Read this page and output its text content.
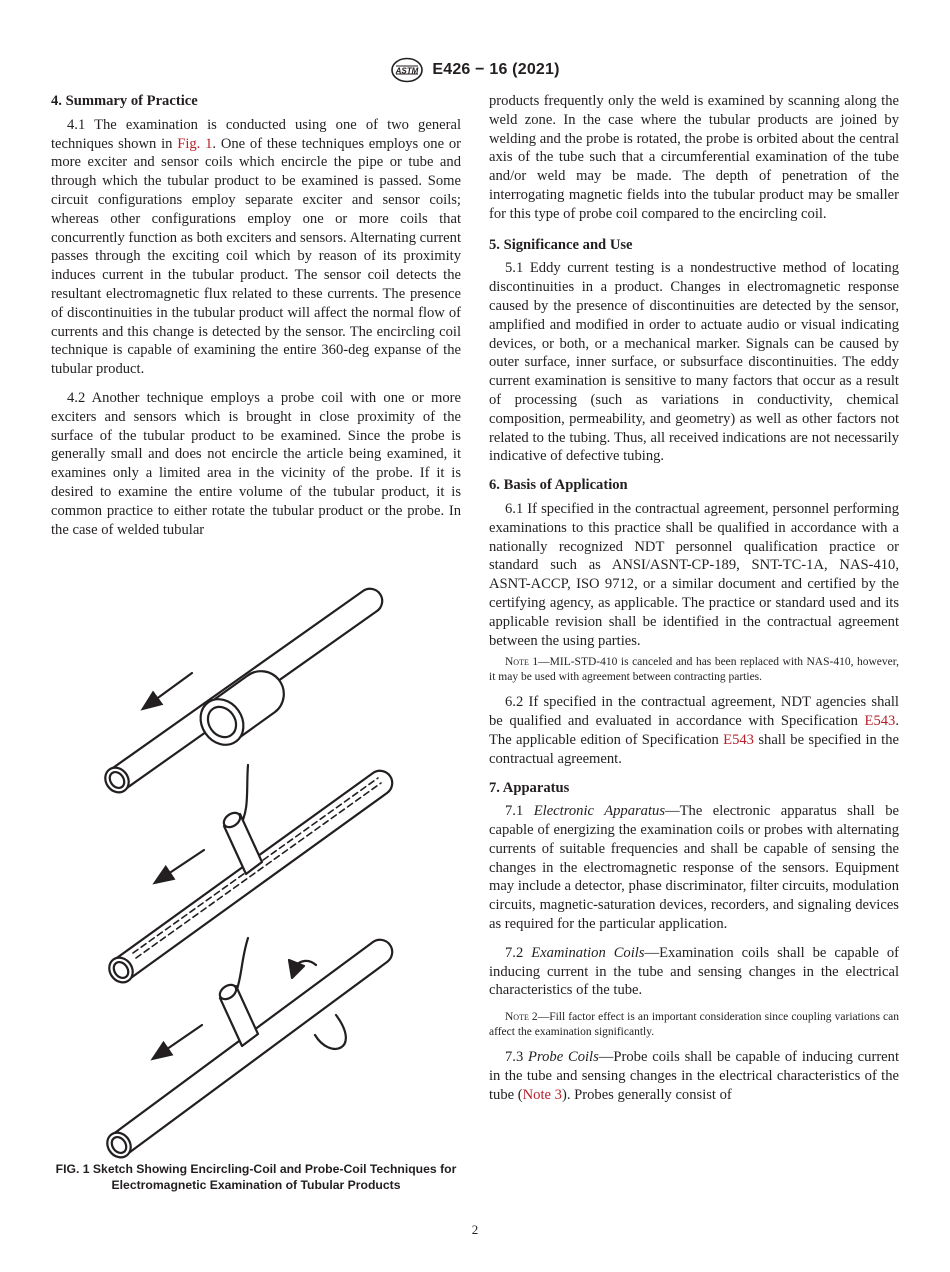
ASTM E426 − 16 (2021)
4. Summary of Practice

4.1 The examination is conducted using one of two general techniques shown in Fig. 1. One of these techniques employs one or more exciter and sensor coils which encircle the pipe or tube and through which the tubular product to be examined is passed. Some circuit configurations employ separate exciter and sensor coils; whereas other configurations employ one or more coils that concurrently function as both exciters and sensors. Alternating current passes through the exciting coil which by reason of its proximity induces current in the tubular product. The sensor coil detects the resultant electromagnetic flux related to these currents. The presence of discontinuities in the tubular product will affect the normal flow of currents and this change is detected by the sensor. The encircling coil technique is capable of examining the entire 360-deg expanse of the tubular product.

4.2 Another technique employs a probe coil with one or more exciters and sensors which is brought in close proximity of the surface of the tubular product to be examined. Since the probe is generally small and does not encircle the article being examined, it examines only a limited area in the vicinity of the probe. If it is desired to examine the entire volume of the tubular product, it is common practice to either rotate the tubular product or the probe. In the case of welded tubular

FIG. 1 Sketch Showing Encircling-Coil and Probe-Coil Techniques for Electromagnetic Examination of Tubular Products

products frequently only the weld is examined by scanning along the weld zone. In the case where the tubular products are joined by welding and the probe is rotated, the probe is orbited about the central axis of the tube such that a circumferential examination of the tube and/or weld may be made. The depth of penetration of the interrogating magnetic fields into the tubular product may be smaller for this type of probe coil compared to the encircling coil.

5. Significance and Use

5.1 Eddy current testing is a nondestructive method of locating discontinuities in a product. Changes in electromagnetic response caused by the presence of discontinuities are detected by the sensor, amplified and modified in order to actuate audio or visual indicating devices, or both, or a mechanical marker. Signals can be caused by outer surface, inner surface, or subsurface discontinuities. The eddy current examination is sensitive to many factors that occur as a result of processing (such as variations in conductivity, chemical composition, permeability, and geometry) as well as other factors not related to the tubing. Thus, all received indications are not necessarily indicative of defective tubing.

6. Basis of Application

6.1 If specified in the contractual agreement, personnel performing examinations to this practice shall be qualified in accordance with a nationally recognized NDT personnel qualification practice or standard such as ANSI/ASNT-CP-189, SNT-TC-1A, NAS-410, ASNT-ACCP, ISO 9712, or a similar document and certified by the certifying agency, as applicable. The practice or standard used and its applicable revision shall be identified in the contractual agreement between the using parties.

Note 1—MIL-STD-410 is canceled and has been replaced with NAS-410, however, it may be used with agreement between contracting parties.

6.2 If specified in the contractual agreement, NDT agencies shall be qualified and evaluated in accordance with Specification E543. The applicable edition of Specification E543 shall be specified in the contractual agreement.

7. Apparatus

7.1 Electronic Apparatus—The electronic apparatus shall be capable of energizing the examination coils or probes with alternating currents of suitable frequencies and shall be capable of sensing the changes in the electromagnetic response of the sensors. Equipment may include a detector, phase discriminator, filter circuits, modulation circuits, magnetic-saturation devices, recorders, and signaling devices as required for the particular application.

7.2 Examination Coils—Examination coils shall be capable of inducing current in the tube and sensing changes in the electrical characteristics of the tube.

Note 2—Fill factor effect is an important consideration since coupling variations can affect the examination significantly.

7.3 Probe Coils—Probe coils shall be capable of inducing current in the tube and sensing changes in the electrical characteristics of the tube (Note 3). Probes generally consist of

2
